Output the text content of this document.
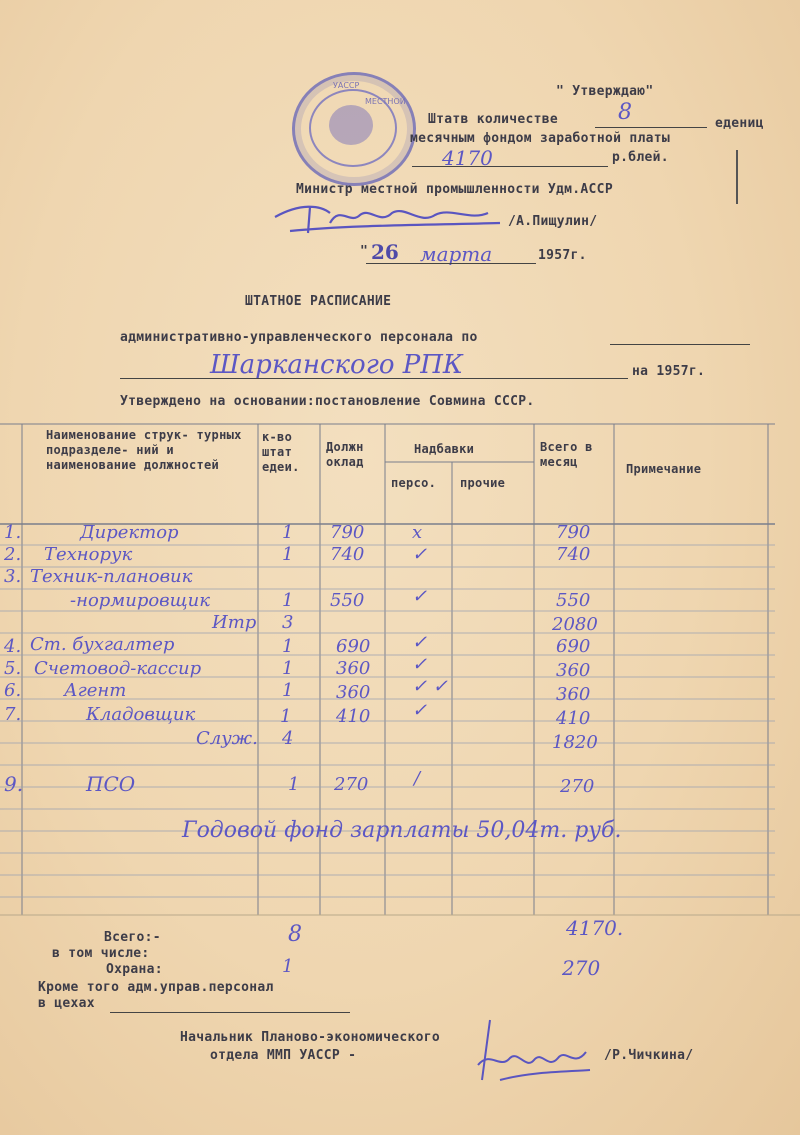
УАССР
МЕСТНОЙ
" Утверждаю"
Штатв количестве	8	едениц
месячным фондом заработной платы
4170	р.блей.
Министр местной промышленности Удм.АССР
/А.Пищулин/
" 26 марта	1957г.
ШТАТНОЕ РАСПИСАНИЕ
административно-управленческого персонала по
Шарканского РПК	на 1957г.
Утверждено на основании:постановление Совмина СССР.
Наименование струк- турных подразделе- ний и наименование должностей
к-во штат едеи.
Должн оклад
Надбавки
персо. прочие
Всего в месяц	Примечание
1.	Директор	1 790	х	790
2. Технорук	1 740	✓	740
3. Техник-плановик
-нормировщик	1 550	✓	550
Итр 3	2080
4. Ст. бухгалтер	1 690 ✓	690
5. Счетовод-кассир	1 360 ✓	360
6. Агент	1 360 ✓ ✓	360
7.	Кладовщик	1 410 ✓	410
Служ. 4	1820
9.	ПСО	1 270	/	270
Годовой фонд зарплаты 50,04т. руб.
Всего:-	8	4170.
в том числе:
Охрана:	1	270
Кроме того адм.управ.персонал
в цехах
Начальник Планово-экономического
отдела ММП УАССР -	/Р.Чичкина/
